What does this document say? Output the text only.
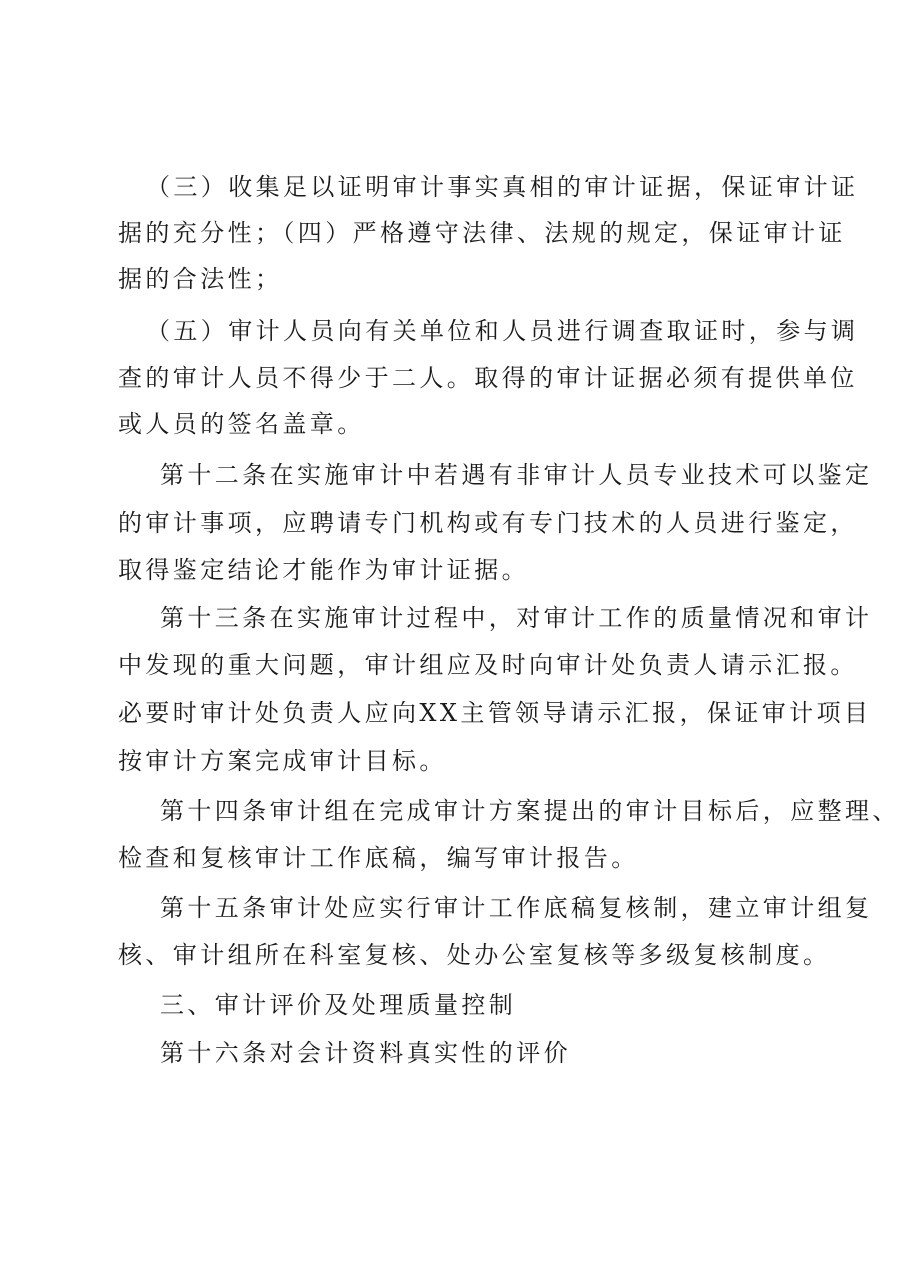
（三）收集足以证明审计事实真相的审计证据，保证审计证
据的充分性；（四）严格遵守法律、法规的规定，保证审计证
据的合法性；
（五）审计人员向有关单位和人员进行调查取证时，参与调
查的审计人员不得少于二人。取得的审计证据必须有提供单位
或人员的签名盖章。
第十二条在实施审计中若遇有非审计人员专业技术可以鉴定
的审计事项，应聘请专门机构或有专门技术的人员进行鉴定，
取得鉴定结论才能作为审计证据。
第十三条在实施审计过程中，对审计工作的质量情况和审计
中发现的重大问题，审计组应及时向审计处负责人请示汇报。
必要时审计处负责人应向XX主管领导请示汇报，保证审计项目
按审计方案完成审计目标。
第十四条审计组在完成审计方案提出的审计目标后，应整理、
检查和复核审计工作底稿，编写审计报告。
第十五条审计处应实行审计工作底稿复核制，建立审计组复
核、审计组所在科室复核、处办公室复核等多级复核制度。
三、审计评价及处理质量控制
第十六条对会计资料真实性的评价
